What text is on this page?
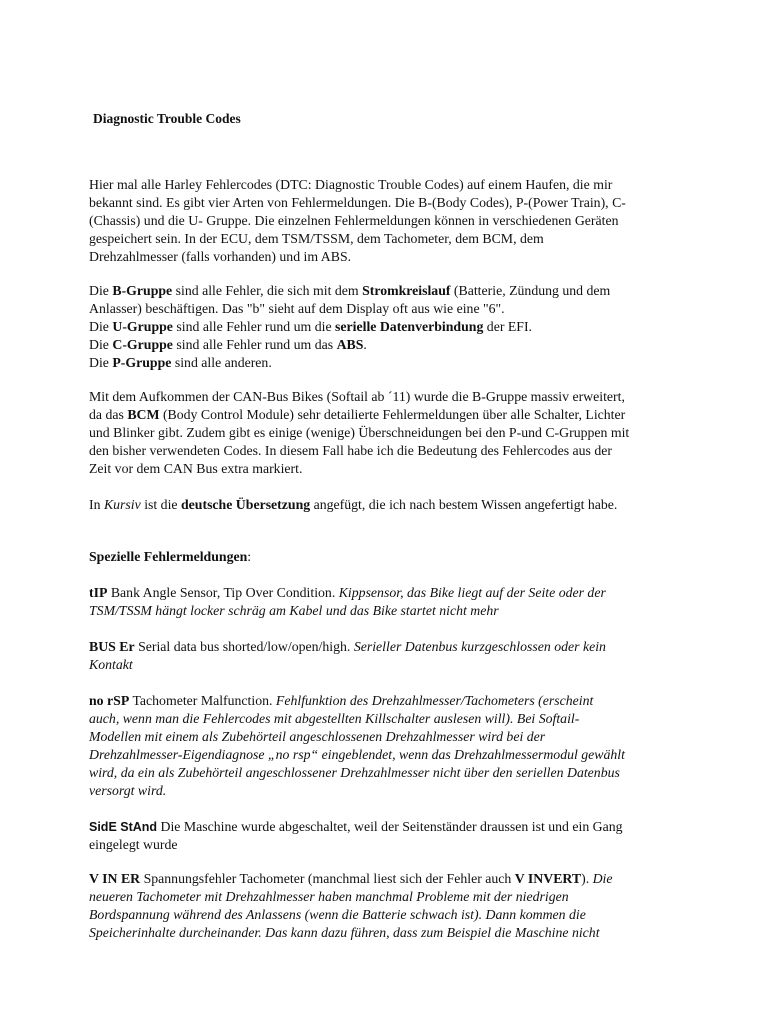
Diagnostic Trouble Codes

Hier mal alle Harley Fehlercodes (DTC: Diagnostic Trouble Codes) auf einem Haufen, die mir

bekannt sind. Es gibt vier Arten von Fehlermeldungen. Die B-(Body Codes), P-(Power Train), C-

(Chassis) und die U- Gruppe. Die einzelnen Fehlermeldungen können in verschiedenen Geräten

gespeichert sein. In der ECU, dem TSM/TSSM, dem Tachometer, dem BCM, dem

Drehzahlmesser (falls vorhanden) und im ABS.

Die B-Gruppe sind alle Fehler, die sich mit dem Stromkreislauf (Batterie, Zündung und dem

Anlasser) beschäftigen. Das "b" sieht auf dem Display oft aus wie eine "6".

Die U-Gruppe sind alle Fehler rund um die serielle Datenverbindung der EFI.

Die C-Gruppe sind alle Fehler rund um das ABS.

Die P-Gruppe sind alle anderen.

Mit dem Aufkommen der CAN-Bus Bikes (Softail ab ´11) wurde die B-Gruppe massiv erweitert,

da das BCM (Body Control Module) sehr detailierte Fehlermeldungen über alle Schalter, Lichter

und Blinker gibt. Zudem gibt es einige (wenige) Überschneidungen bei den P-und C-Gruppen mit

den bisher verwendeten Codes. In diesem Fall habe ich die Bedeutung des Fehlercodes aus der

Zeit vor dem CAN Bus extra markiert.

In Kursiv ist die deutsche Übersetzung angefügt, die ich nach bestem Wissen angefertigt habe.

Spezielle Fehlermeldungen:

tIP Bank Angle Sensor, Tip Over Condition. Kippsensor, das Bike liegt auf der Seite oder der

TSM/TSSM hängt locker schräg am Kabel und das Bike startet nicht mehr

BUS Er Serial data bus shorted/low/open/high. Serieller Datenbus kurzgeschlossen oder kein

Kontakt

no rSP Tachometer Malfunction. Fehlfunktion des Drehzahlmesser/Tachometers (erscheint

auch, wenn man die Fehlercodes mit abgestellten Killschalter auslesen will). Bei Softail-

Modellen mit einem als Zubehörteil angeschlossenen Drehzahlmesser wird bei der

Drehzahlmesser-Eigendiagnose „no rsp“ eingeblendet, wenn das Drehzahlmessermodul gewählt

wird, da ein als Zubehörteil angeschlossener Drehzahlmesser nicht über den seriellen Datenbus

versorgt wird.

SidE StAnd Die Maschine wurde abgeschaltet, weil der Seitenständer draussen ist und ein Gang

eingelegt wurde

V IN ER Spannungsfehler Tachometer (manchmal liest sich der Fehler auch V INVERT). Die

neueren Tachometer mit Drehzahlmesser haben manchmal Probleme mit der niedrigen

Bordspannung während des Anlassens (wenn die Batterie schwach ist). Dann kommen die

Speicherinhalte durcheinander. Das kann dazu führen, dass zum Beispiel die Maschine nicht
